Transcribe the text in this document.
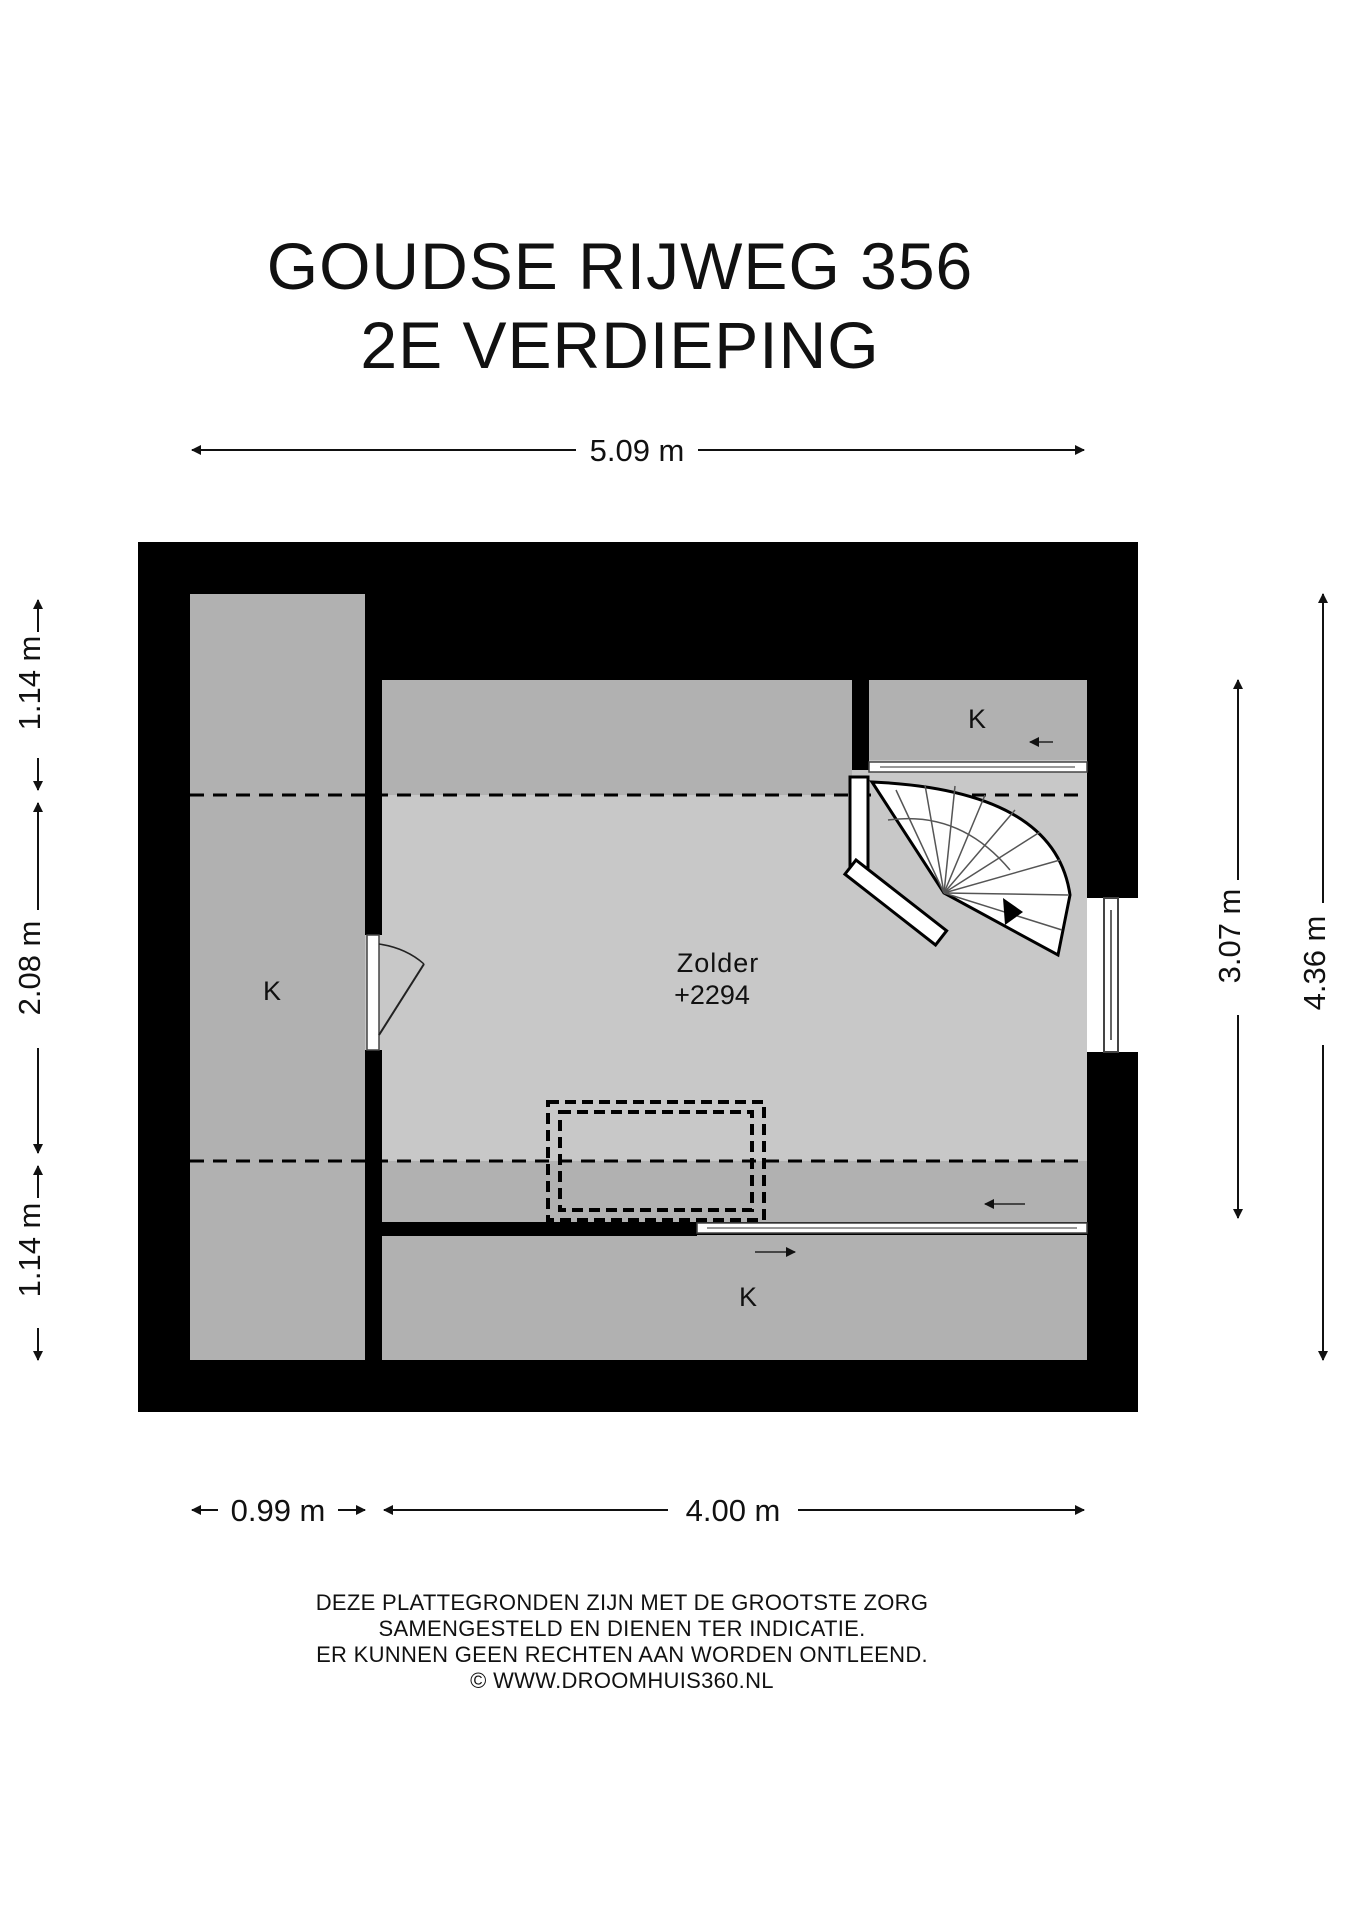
GOUDSE RIJWEG 356
2E VERDIEPING
Zolder
+2294
K
K
K
5.09 m
1.14 m
2.08 m
1.14 m
3.07 m 4.36 m
0.99 m	4.00 m
DEZE PLATTEGRONDEN ZIJN MET DE GROOTSTE ZORG
SAMENGESTELD EN DIENEN TER INDICATIE.
ER KUNNEN GEEN RECHTEN AAN WORDEN ONTLEEND.
© WWW.DROOMHUIS360.NL
